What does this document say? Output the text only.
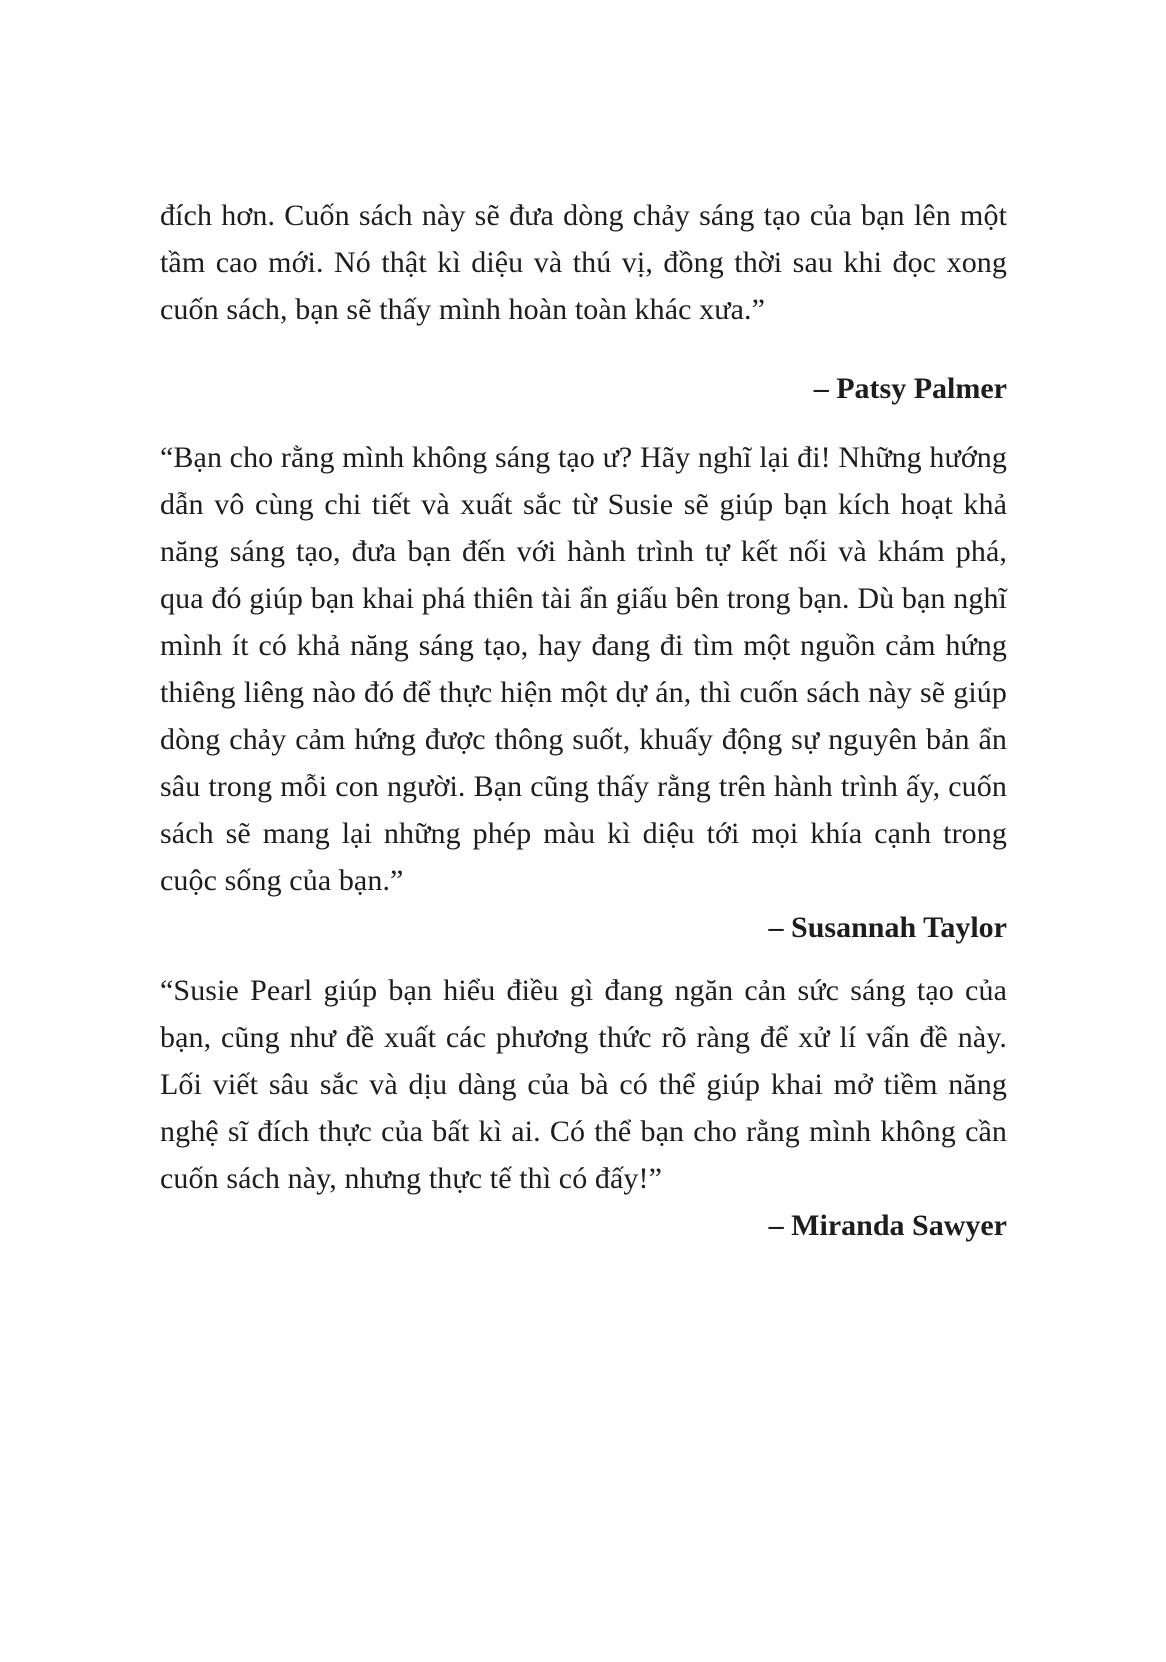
đích hơn. Cuốn sách này sẽ đưa dòng chảy sáng tạo của bạn lên một tầm cao mới. Nó thật kì diệu và thú vị, đồng thời sau khi đọc xong cuốn sách, bạn sẽ thấy mình hoàn toàn khác xưa.”

– Patsy Palmer

“Bạn cho rằng mình không sáng tạo ư? Hãy nghĩ lại đi! Những hướng dẫn vô cùng chi tiết và xuất sắc từ Susie sẽ giúp bạn kích hoạt khả năng sáng tạo, đưa bạn đến với hành trình tự kết nối và khám phá, qua đó giúp bạn khai phá thiên tài ẩn giấu bên trong bạn. Dù bạn nghĩ mình ít có khả năng sáng tạo, hay đang đi tìm một nguồn cảm hứng thiêng liêng nào đó để thực hiện một dự án, thì cuốn sách này sẽ giúp dòng chảy cảm hứng được thông suốt, khuấy động sự nguyên bản ẩn sâu trong mỗi con người. Bạn cũng thấy rằng trên hành trình ấy, cuốn sách sẽ mang lại những phép màu kì diệu tới mọi khía cạnh trong cuộc sống của bạn.”

– Susannah Taylor

“Susie Pearl giúp bạn hiểu điều gì đang ngăn cản sức sáng tạo của bạn, cũng như đề xuất các phương thức rõ ràng để xử lí vấn đề này. Lối viết sâu sắc và dịu dàng của bà có thể giúp khai mở tiềm năng nghệ sĩ đích thực của bất kì ai. Có thể bạn cho rằng mình không cần cuốn sách này, nhưng thực tế thì có đấy!”

– Miranda Sawyer
